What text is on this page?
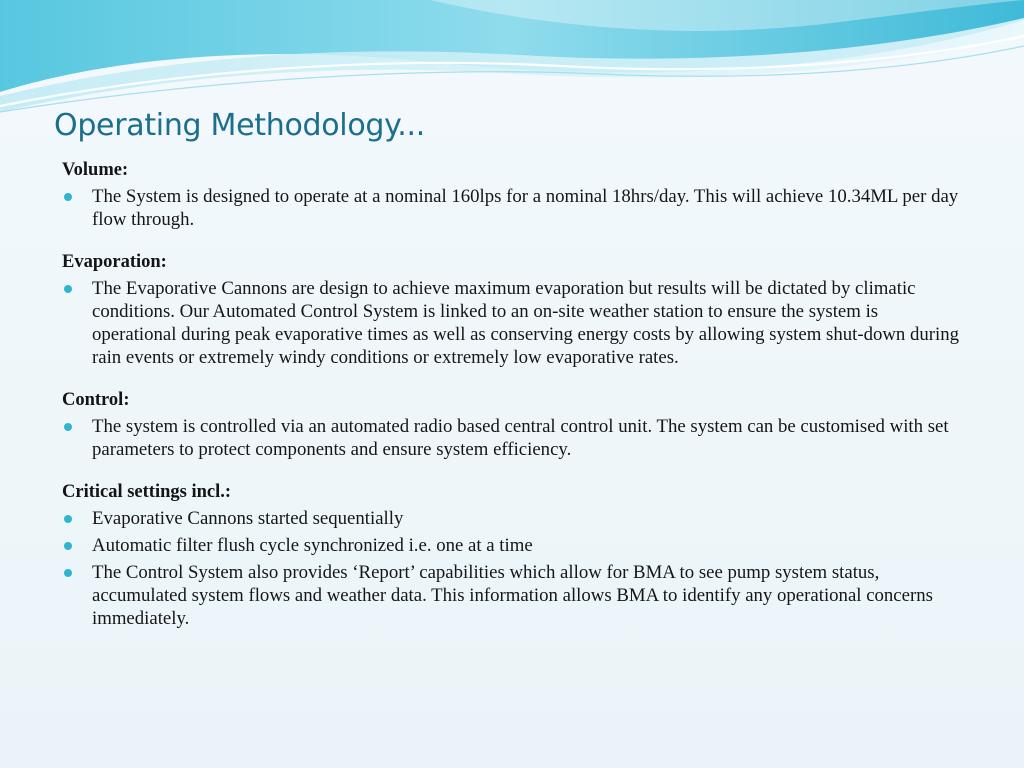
Operating Methodology...

Volume:

The System is designed to operate at a nominal 160lps for a nominal 18hrs/day. This will achieve 10.34ML per day flow through.

Evaporation:

The Evaporative Cannons are design to achieve maximum evaporation but results will be dictated by climatic conditions. Our Automated Control System is linked to an on-site weather station to ensure the system is operational during peak evaporative times as well as conserving energy costs by allowing system shut-down during rain events or extremely windy conditions or extremely low evaporative rates.

Control:

The system is controlled via an automated radio based central control unit. The system can be customised with set parameters to protect components and ensure system efficiency.

Critical settings incl.:

Evaporative Cannons started sequentially
Automatic filter flush cycle synchronized i.e. one at a time
The Control System also provides ‘Report’ capabilities which allow for BMA to see pump system status, accumulated system flows and weather data. This information allows BMA to identify any operational concerns immediately.
